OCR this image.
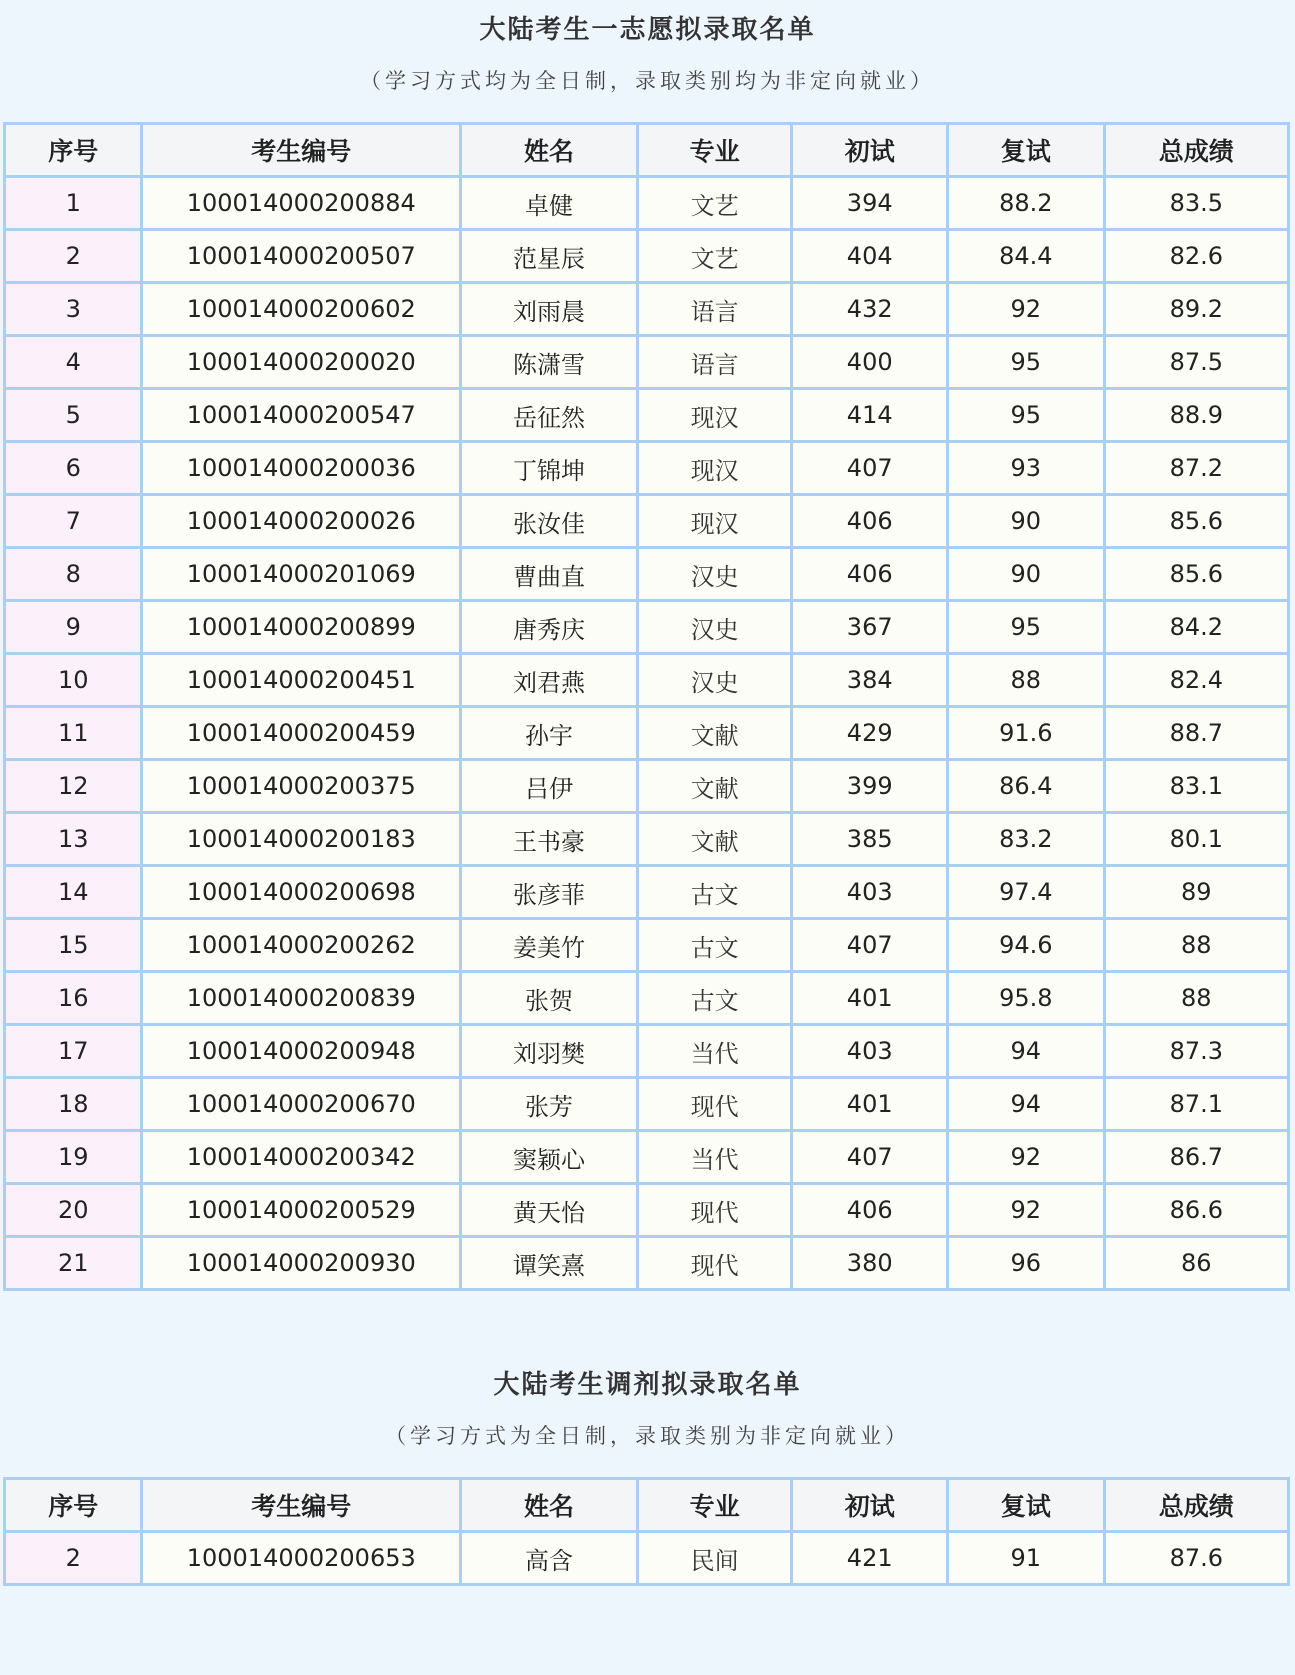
大陆考生一志愿拟录取名单
（学习方式均为全日制，录取类别均为非定向就业）
序号	考生编号	姓名	专业	初试	复试	总成绩
1	100014000200884	卓健	文艺	394	88.2	83.5
2	100014000200507	范星辰	文艺	404	84.4	82.6
3	100014000200602	刘雨晨	语言	432	92	89.2
4	100014000200020	陈潇雪	语言	400	95	87.5
5	100014000200547	岳征然	现汉	414	95	88.9
6	100014000200036	丁锦坤	现汉	407	93	87.2
7	100014000200026	张汝佳	现汉	406	90	85.6
8	100014000201069	曹曲直	汉史	406	90	85.6
9	100014000200899	唐秀庆	汉史	367	95	84.2
10	100014000200451	刘君燕	汉史	384	88	82.4
11	100014000200459	孙宇	文献	429	91.6	88.7
12	100014000200375	吕伊	文献	399	86.4	83.1
13	100014000200183	王书豪	文献	385	83.2	80.1
14	100014000200698	张彦菲	古文	403	97.4	89
15	100014000200262	姜美竹	古文	407	94.6	88
16	100014000200839	张贺	古文	401	95.8	88
17	100014000200948	刘羽樊	当代	403	94	87.3
18	100014000200670	张芳	现代	401	94	87.1
19	100014000200342	窦颖心	当代	407	92	86.7
20	100014000200529	黄天怡	现代	406	92	86.6
21	100014000200930	谭笑熹	现代	380	96	86
大陆考生调剂拟录取名单
（学习方式为全日制，录取类别为非定向就业）
序号	考生编号	姓名	专业	初试	复试	总成绩
2	100014000200653	高含	民间	421	91	87.6
